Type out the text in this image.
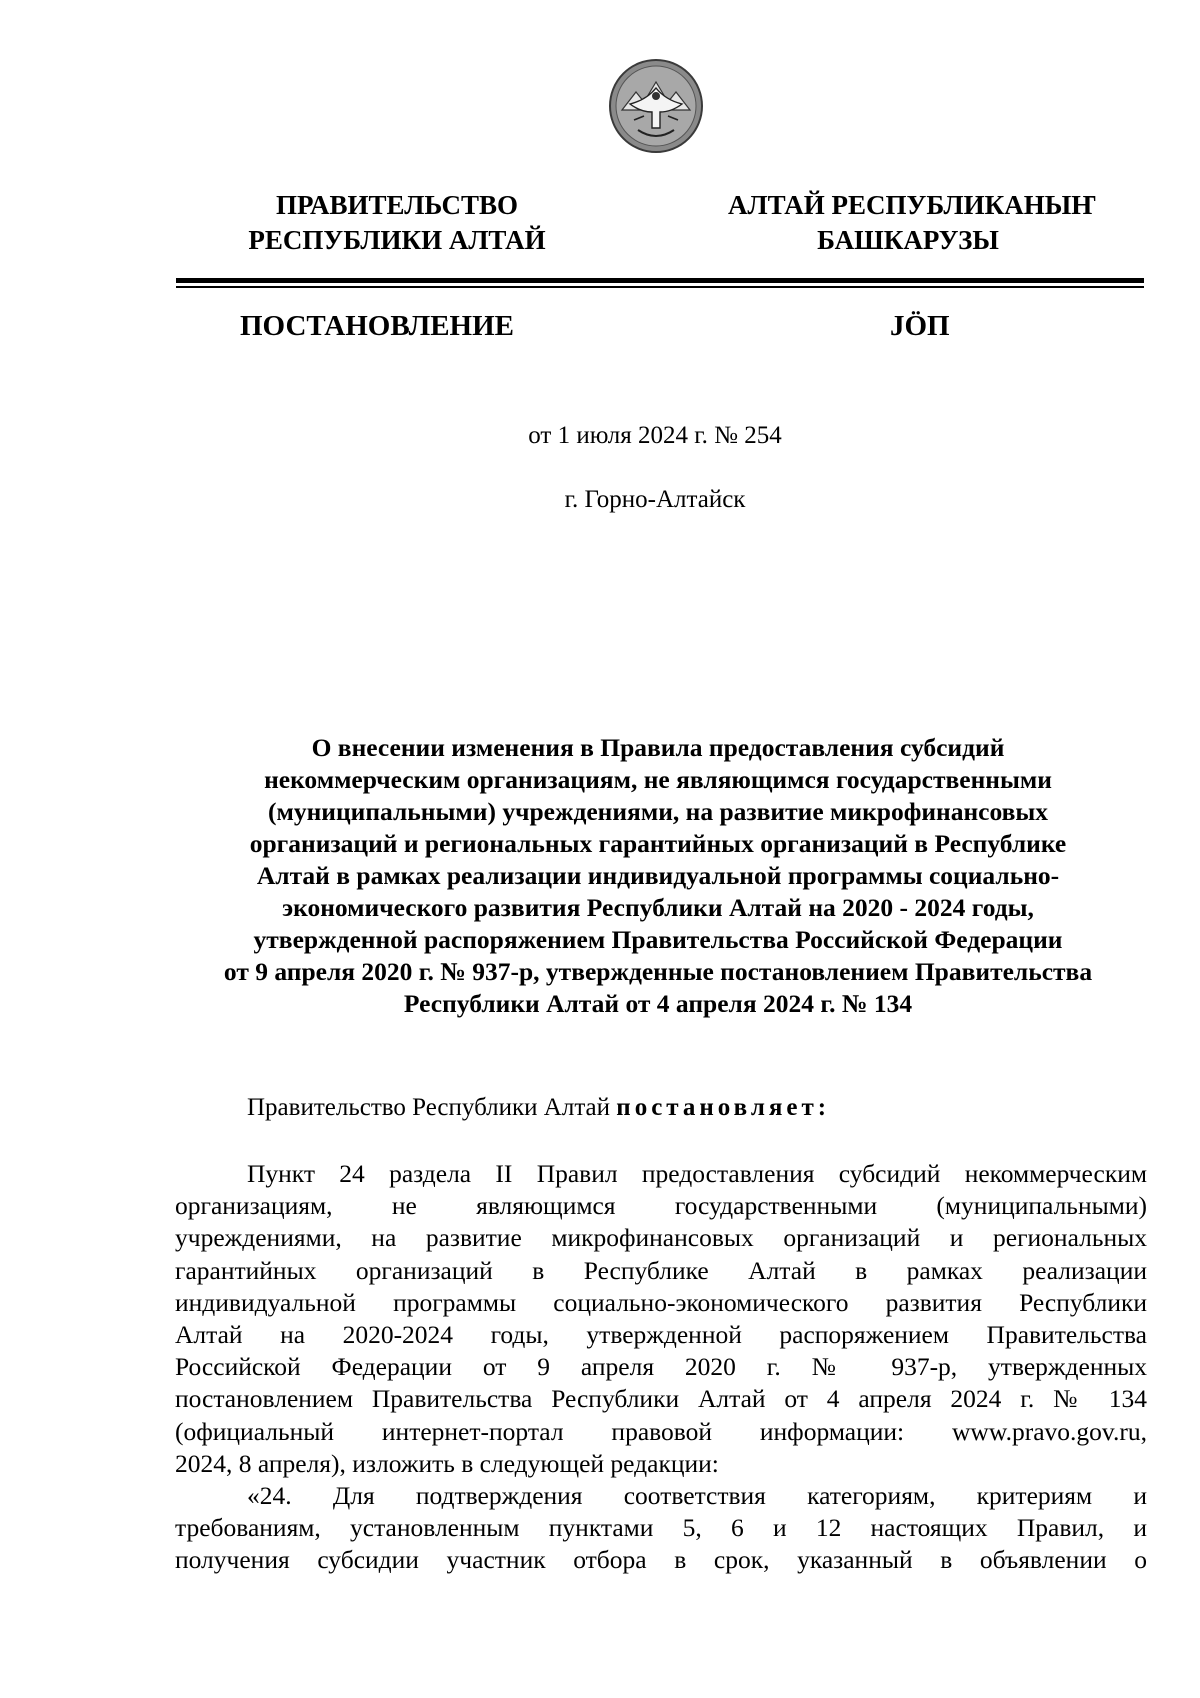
ПРАВИТЕЛЬСТВО
РЕСПУБЛИКИ АЛТАЙ
АЛТАЙ РЕСПУБЛИКАНЫҤ
БАШКАРУЗЫ
ПОСТАНОВЛЕНИЕ	JӦП
от 1 июля 2024 г. № 254
г. Горно-Алтайск
О внесении изменения в Правила предоставления субсидий
некоммерческим организациям, не являющимся государственными
(муниципальными) учреждениями, на развитие микрофинансовых
организаций и региональных гарантийных организаций в Республике
Алтай в рамках реализации индивидуальной программы социально-
экономического развития Республики Алтай на 2020 - 2024 годы,
утвержденной распоряжением Правительства Российской Федерации
от 9 апреля 2020 г. № 937-р, утвержденные постановлением Правительства
Республики Алтай от 4 апреля 2024 г. № 134
Правительство Республики Алтай постановляет:
Пункт 24 раздела II Правил предоставления субсидий некоммерческим
организациям, не являющимся государственными (муниципальными)
учреждениями, на развитие микрофинансовых организаций и региональных
гарантийных организаций в Республике Алтай в рамках реализации
индивидуальной программы социально-экономического развития Республики
Алтай на 2020-2024 годы, утвержденной распоряжением Правительства
Российской Федерации от 9 апреля 2020 г. № 937-р, утвержденных
постановлением Правительства Республики Алтай от 4 апреля 2024 г. № 134
(официальный интернет-портал правовой информации: www.pravo.gov.ru,
2024, 8 апреля), изложить в следующей редакции:
«24. Для подтверждения соответствия категориям, критериям и
требованиям, установленным пунктами 5, 6 и 12 настоящих Правил, и
получения субсидии участник отбора в срок, указанный в объявлении о
